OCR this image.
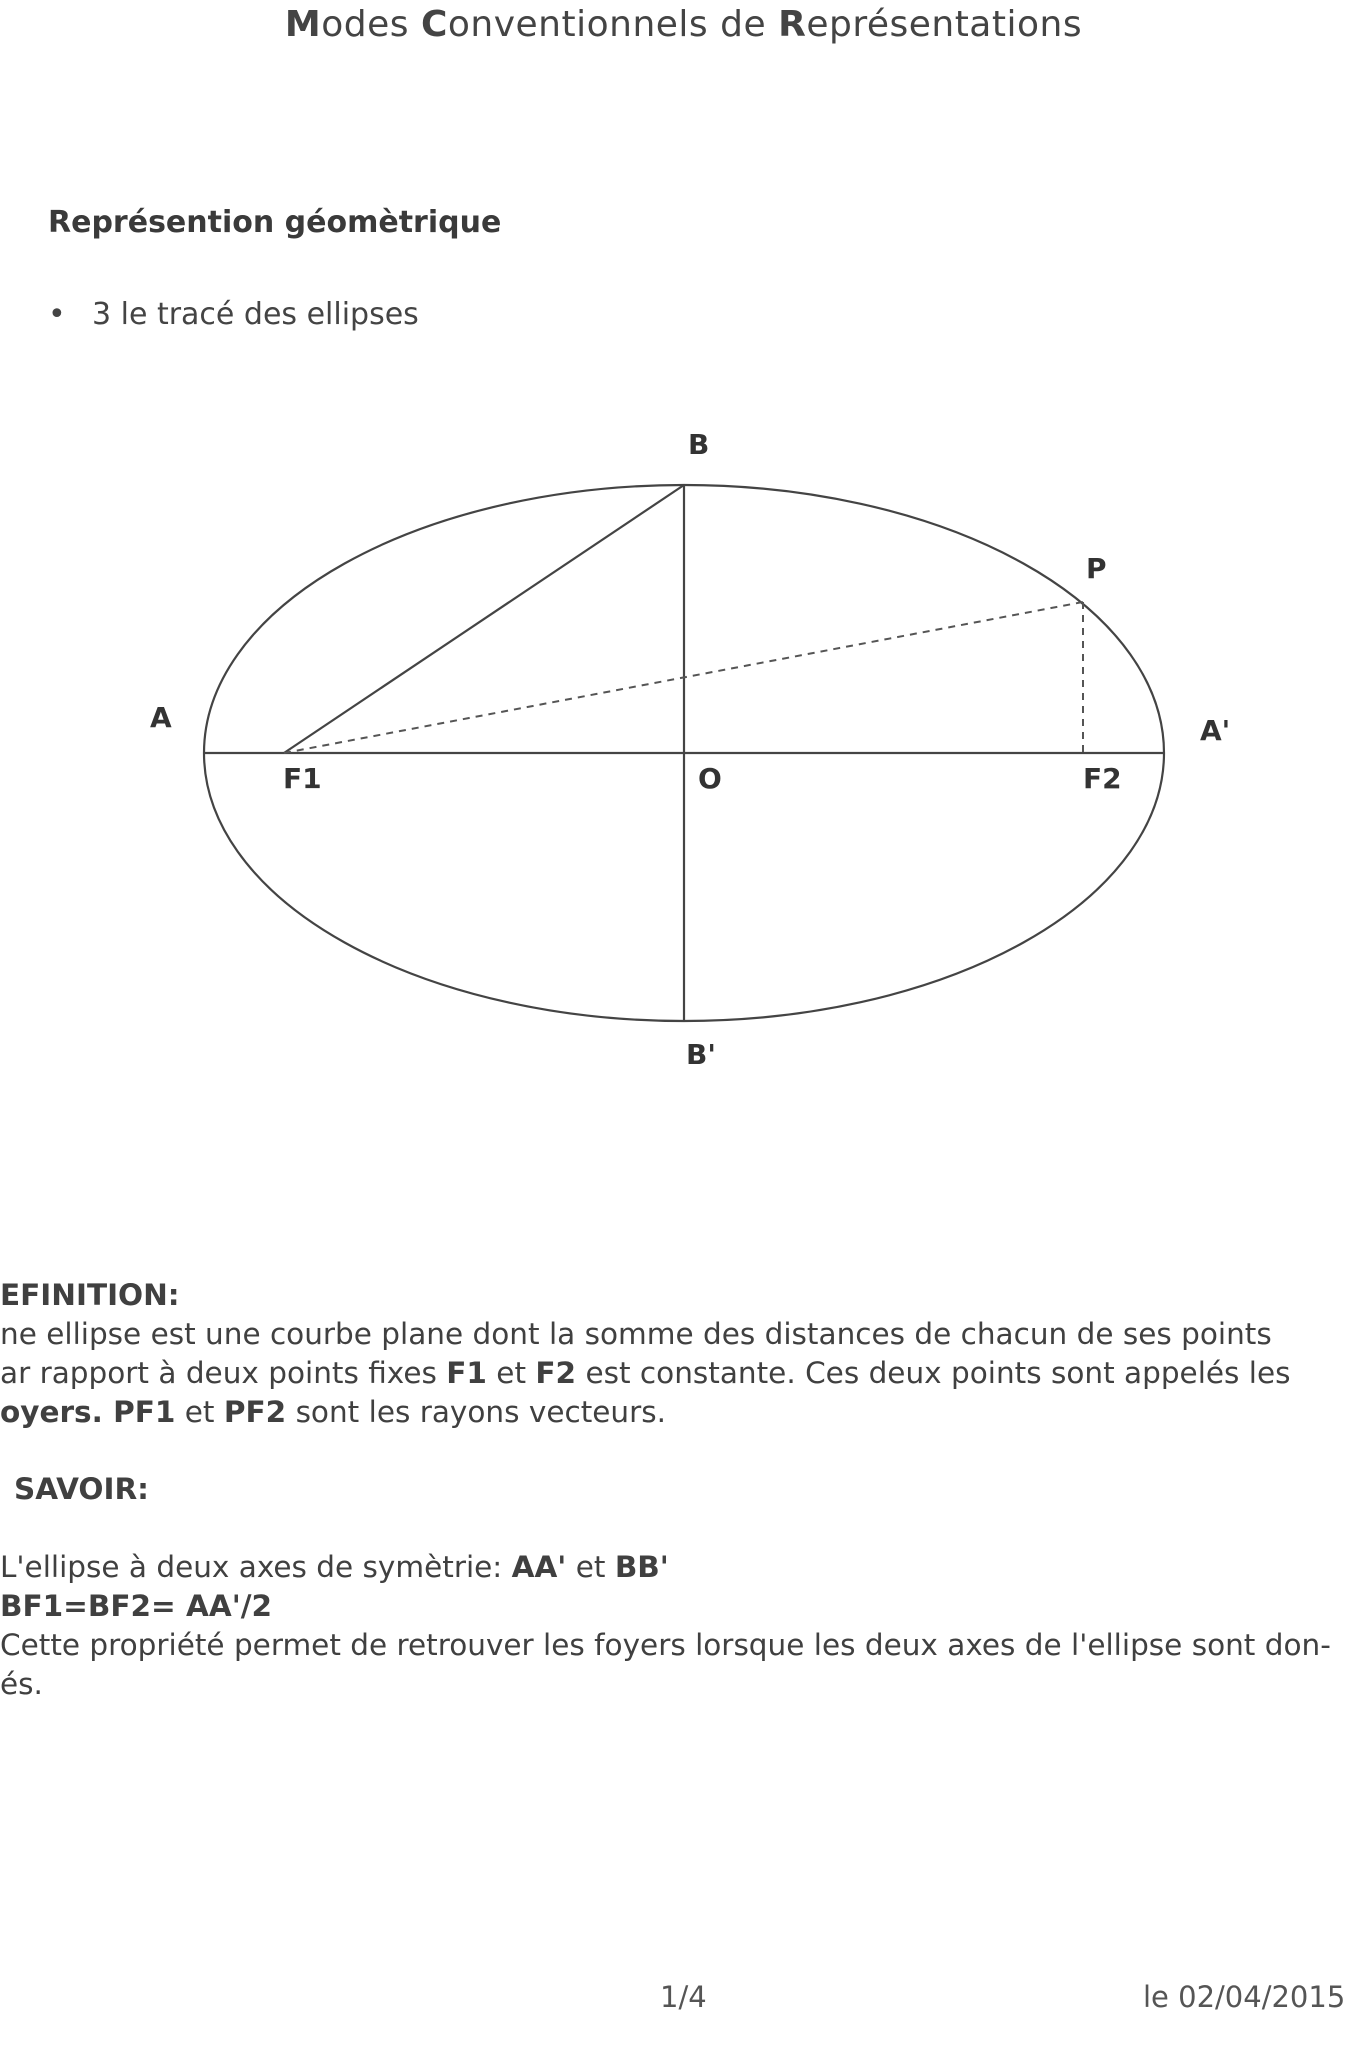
Modes Conventionnels de Représentations
Représention géomètrique
• 3 le tracé des ellipses
A	A'
B
B'
O
F1	F2
P

EFINITION:

ne ellipse est une courbe plane dont la somme des distances de chacun de ses points

ar rapport à deux points fixes F1 et F2 est constante. Ces deux points sont appelés les

oyers. PF1 et PF2 sont les rayons vecteurs.

SAVOIR:

L'ellipse à deux axes de symètrie: AA' et BB'

BF1=BF2= AA'/2

Cette propriété permet de retrouver les foyers lorsque les deux axes de l'ellipse sont don-

és.

1/4	le 02/04/2015
